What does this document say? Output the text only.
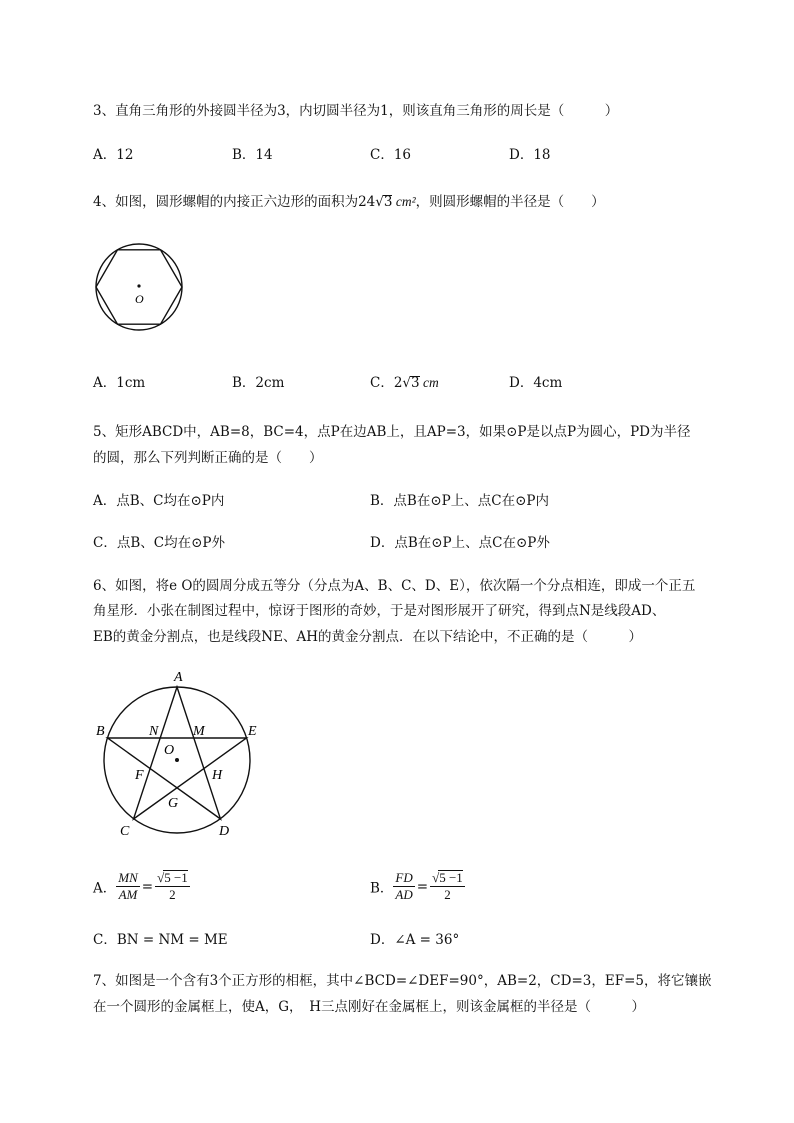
3、直角三角形的外接圆半径为3，内切圆半径为1，则该直角三角形的周长是（　　　）
A．12	B．14	C．16	D．18
4、如图，圆形螺帽的内接正六边形的面积为24√3 cm²，则圆形螺帽的半径是（　　）
O
A．1cm	B．2cm	C．2√3 cm	D．4cm
5、矩形ABCD中，AB=8，BC=4，点P在边AB上，且AP=3，如果⊙P是以点P为圆心，PD为半径
的圆，那么下列判断正确的是（　　）
A．点B、C均在⊙P内	B．点B在⊙P上、点C在⊙P内
C．点B、C均在⊙P外	D．点B在⊙P上、点C在⊙P外
6、如图，将e O的圆周分成五等分（分点为A、B、C、D、E），依次隔一个分点相连，即成一个正五
角星形．小张在制图过程中，惊讶于图形的奇妙，于是对图形展开了研究，得到点N是线段AD、
EB的黄金分割点，也是线段NE、AH的黄金分割点．在以下结论中，不正确的是（　　　）
A
B
C	D
E
N M
O
F	H
G
A． $\frac{MN}{AM} = \frac{√5 -1}{2}$	B． $\frac{FD}{AD} = \frac{√5 -1}{2}$
C．BN = NM = ME	D．∠A = 36°
7、如图是一个含有3个正方形的相框，其中∠BCD=∠DEF=90°，AB=2，CD=3，EF=5，将它镶嵌
在一个圆形的金属框上，使A，G，　H三点刚好在金属框上，则该金属框的半径是（　　　）
